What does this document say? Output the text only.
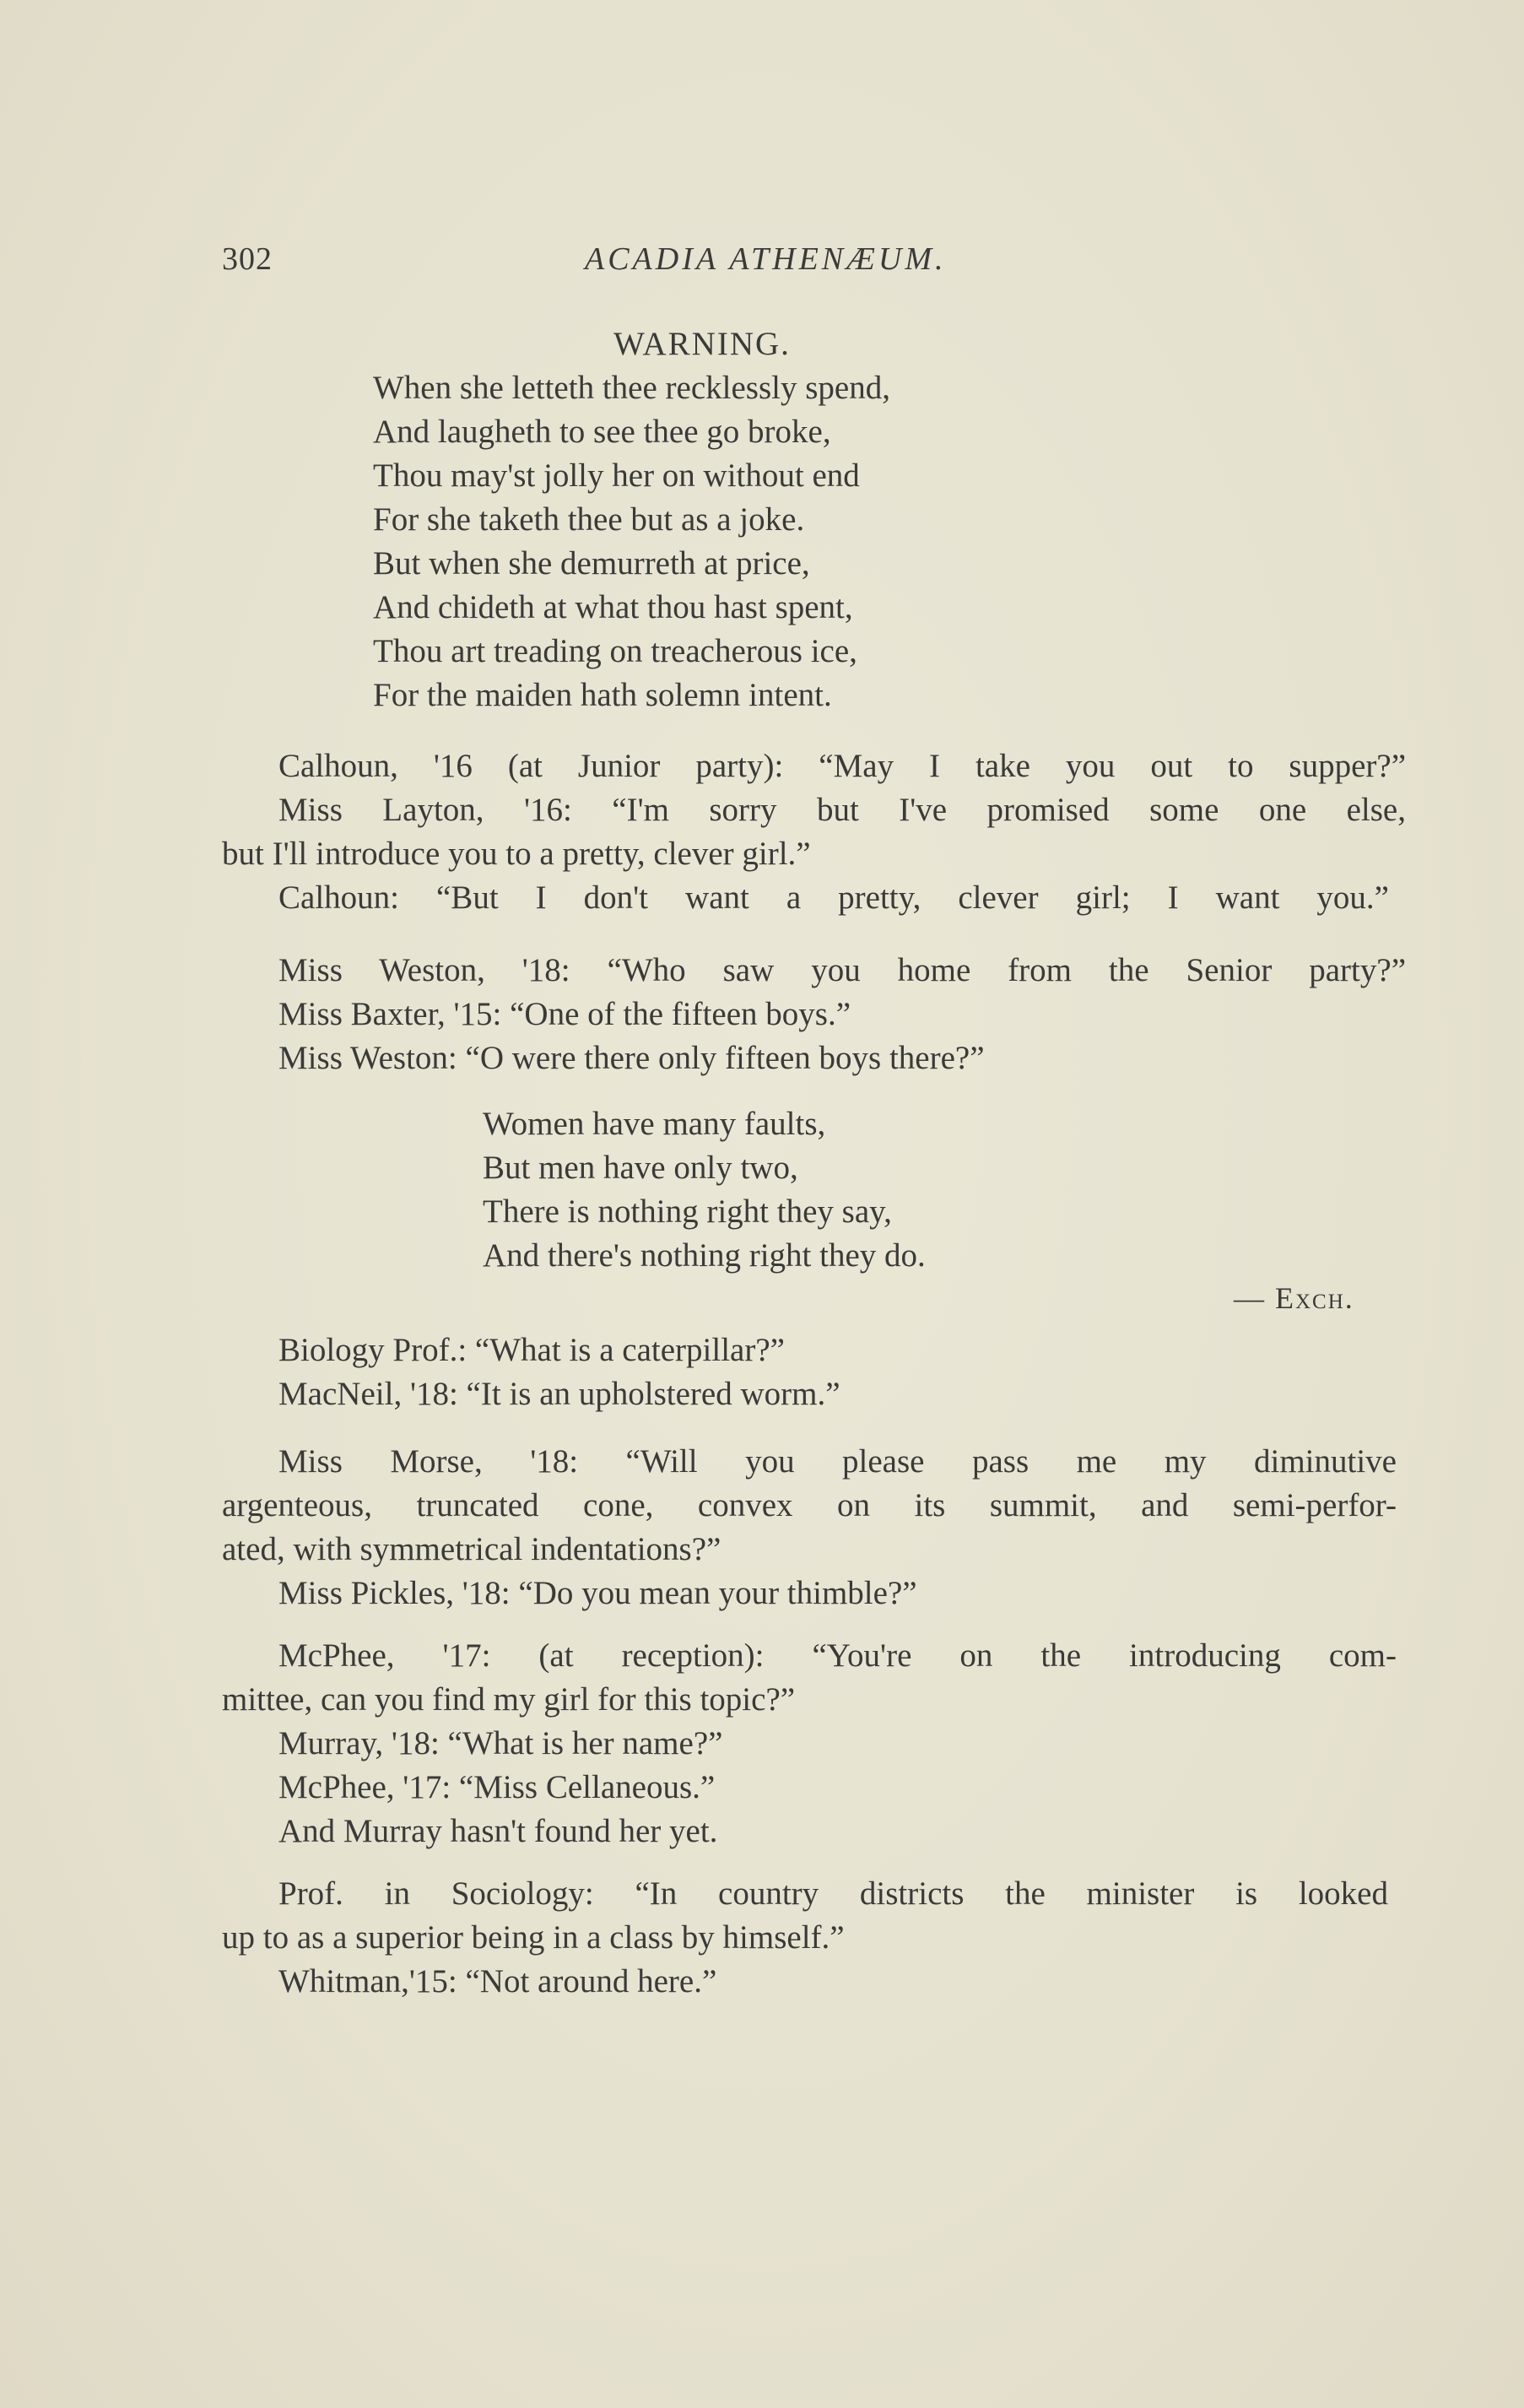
302	ACADIA ATHENÆUM.
WARNING.
When she letteth thee recklessly spend,
And laugheth to see thee go broke,
Thou may'st jolly her on without end
For she taketh thee but as a joke.
But when she demurreth at price,
And chideth at what thou hast spent,
Thou art treading on treacherous ice,
For the maiden hath solemn intent.
Calhoun, '16 (at Junior party): “May I take you out to supper?”
Miss Layton, '16: “I'm sorry but I've promised some one else,
but I'll introduce you to a pretty, clever girl.”
Calhoun: “But I don't want a pretty, clever girl; I want you.”
Miss Weston, '18: “Who saw you home from the Senior party?”
Miss Baxter, '15: “One of the fifteen boys.”
Miss Weston: “O were there only fifteen boys there?”
Women have many faults,
But men have only two,
There is nothing right they say,
And there's nothing right they do.
— Exch.
Biology Prof.: “What is a caterpillar?”
MacNeil, '18: “It is an upholstered worm.”
Miss Morse, '18: “Will you please pass me my diminutive
argenteous, truncated cone, convex on its summit, and semi-perfor-
ated, with symmetrical indentations?”
Miss Pickles, '18: “Do you mean your thimble?”
McPhee, '17: (at reception): “You're on the introducing com-
mittee, can you find my girl for this topic?”
Murray, '18: “What is her name?”
McPhee, '17: “Miss Cellaneous.”
And Murray hasn't found her yet.
Prof. in Sociology: “In country districts the minister is looked
up to as a superior being in a class by himself.”
Whitman,'15: “Not around here.”
